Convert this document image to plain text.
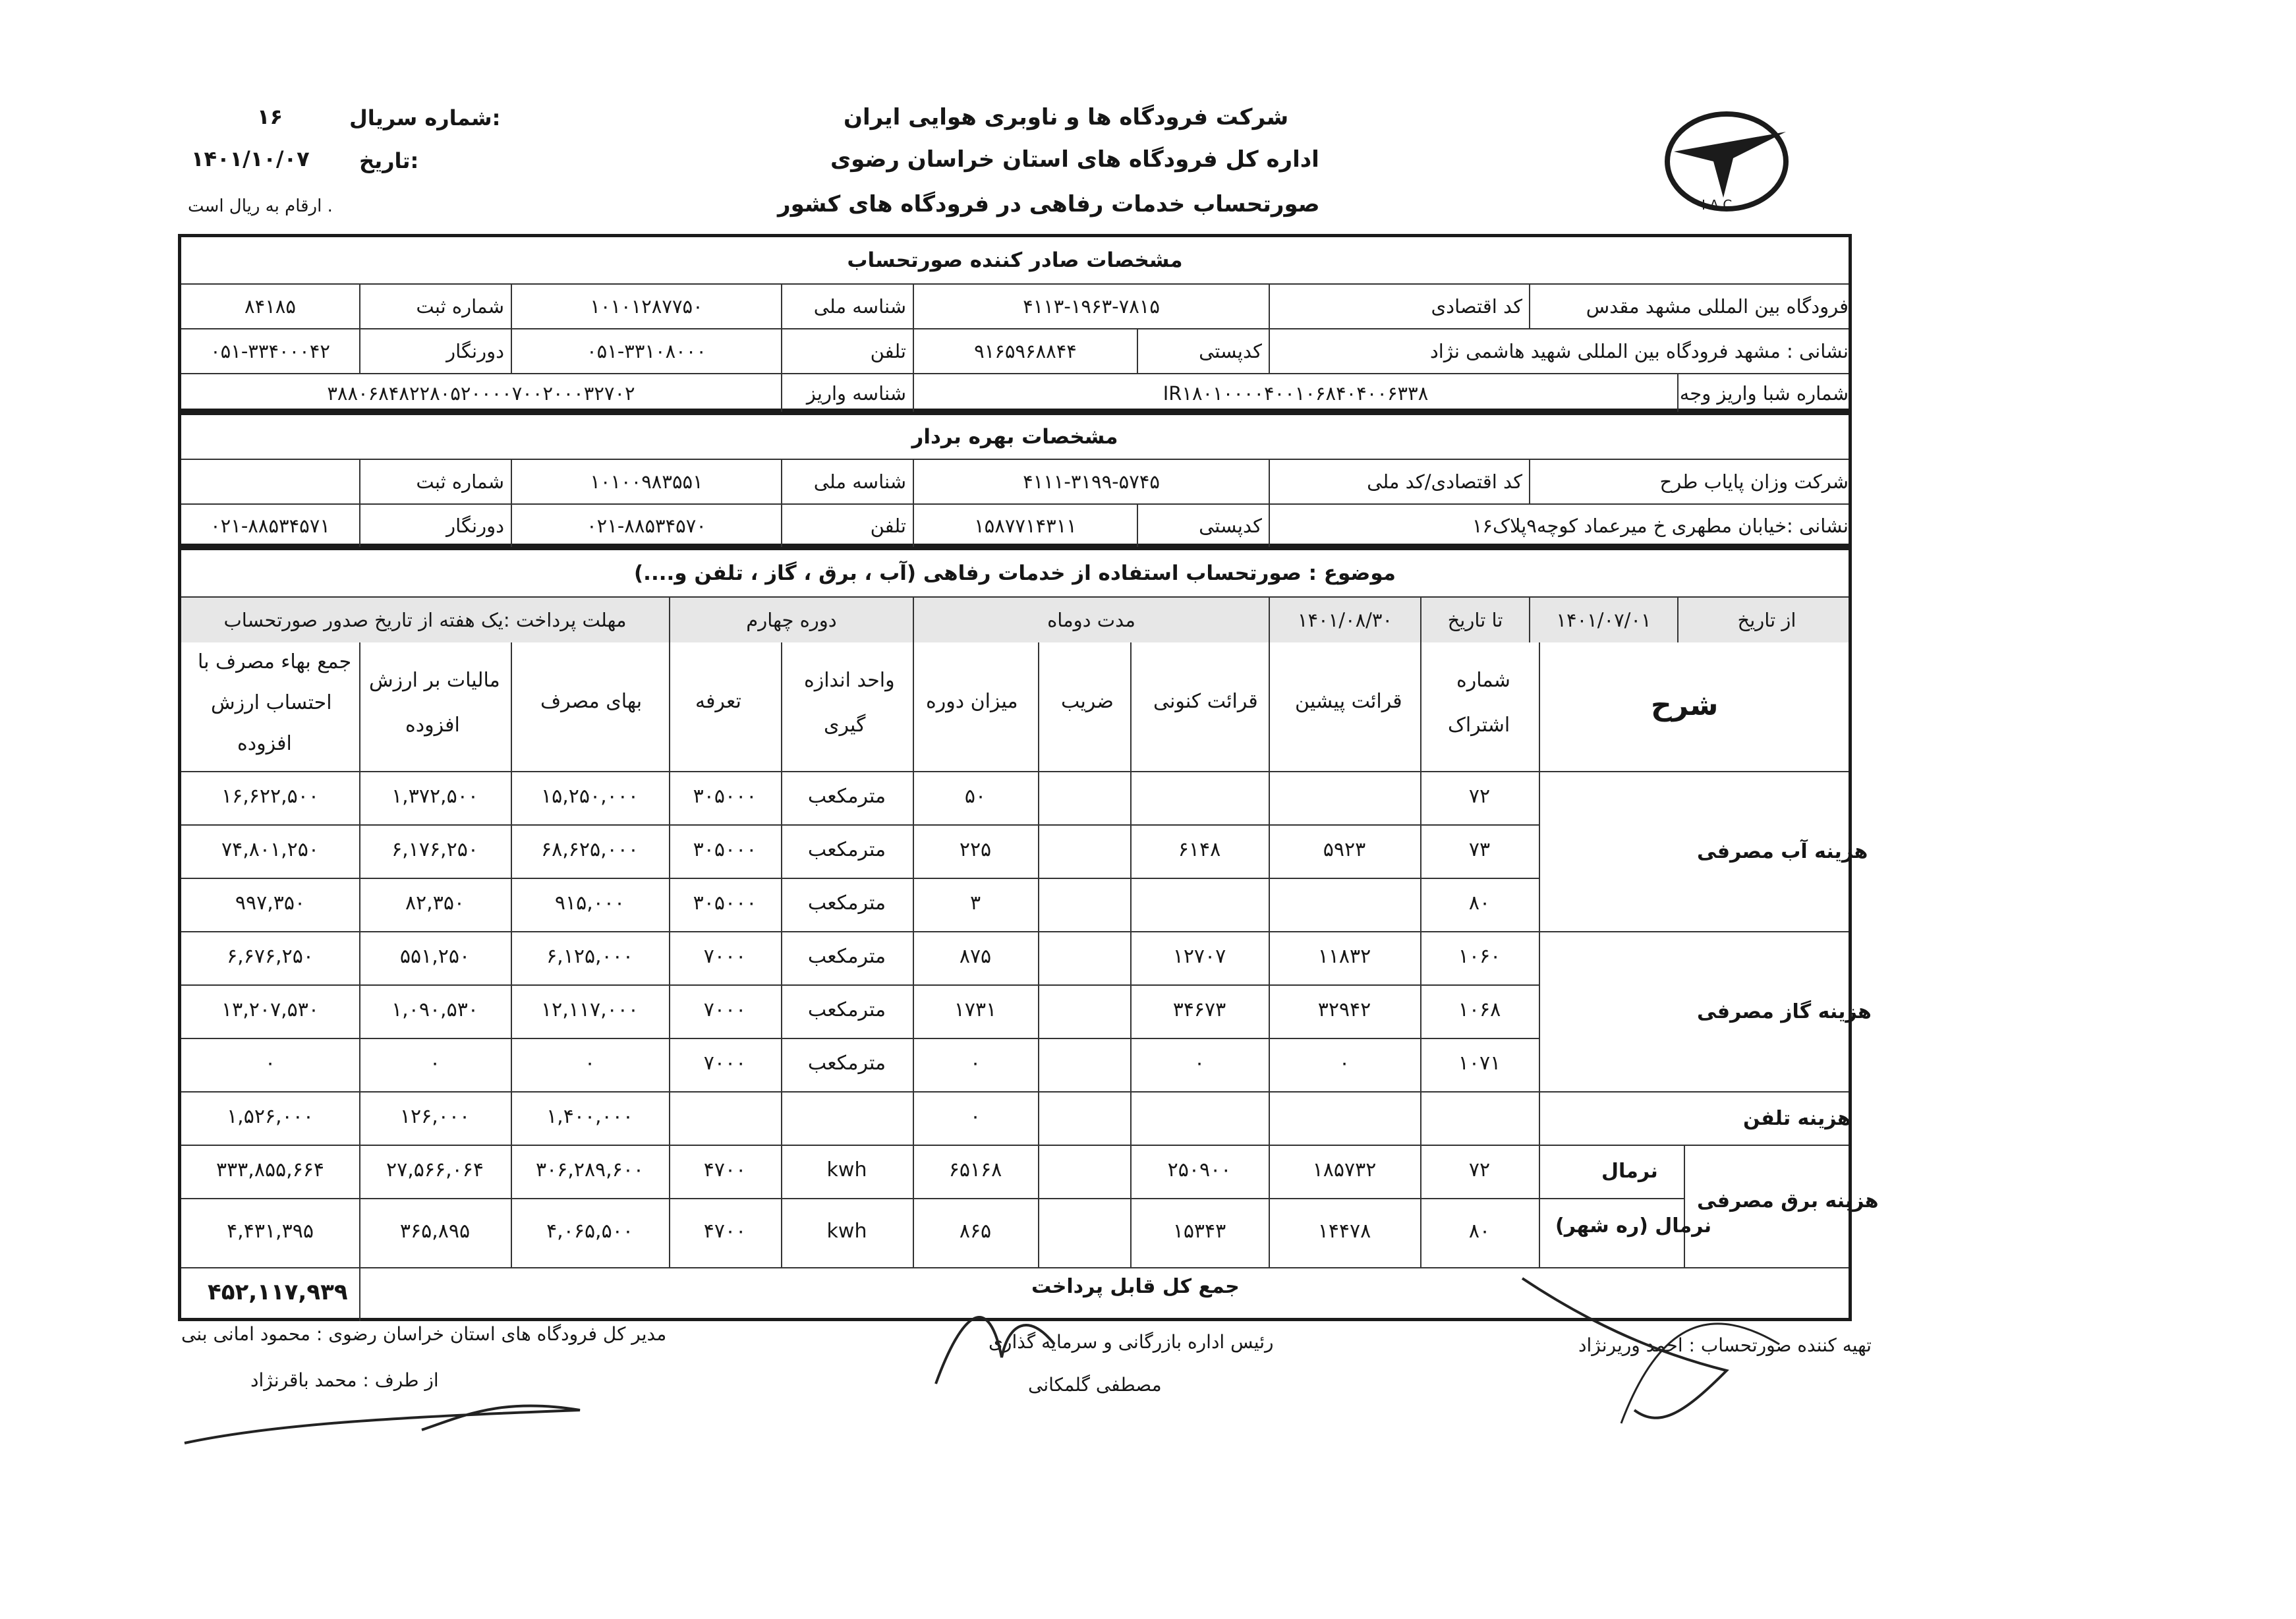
I A C
شرکت فرودگاه ها و ناوبری هوایی ایران
اداره کل فرودگاه های استان خراسان رضوی
صورتحساب خدمات رفاهی در فرودگاه های کشور
شماره سریال:
۱۶
تاریخ:
۱۴۰۱/۱۰/۰۷
ارقام به ریال است .
مشخصات صادر کننده صورتحساب
فرودگاه بین المللی مشهد مقدس
کد اقتصادی
۴۱۱۳-۱۹۶۳-۷۸۱۵
شناسه ملی
۱۰۱۰۱۲۸۷۷۵۰
شماره ثبت
۸۴۱۸۵
نشانی : مشهد فرودگاه بین المللی شهید هاشمی نژاد
کدپستی
۹۱۶۵۹۶۸۸۴۴
تلفن
۰۵۱-۳۳۱۰۸۰۰۰
دورنگار
۰۵۱-۳۳۴۰۰۰۴۲
شماره شبا واریز وجه
IR۱۸۰۱۰۰۰۰۴۰۰۱۰۶۸۴۰۴۰۰۶۳۳۸
شناسه واریز
۳۸۸۰۶۸۴۸۲۲۸۰۵۲۰۰۰۰۷۰۰۲۰۰۰۳۲۷۰۲
مشخصات بهره بردار
شرکت وزان پایاب طرح
کد اقتصادی/کد ملی
۴۱۱۱-۳۱۹۹-۵۷۴۵
شناسه ملی
۱۰۱۰۰۹۸۳۵۵۱
شماره ثبت
نشانی :خیابان مطهری خ میرعماد کوچه۹پلاک۱۶
کدپستی
۱۵۸۷۷۱۴۳۱۱
تلفن
۰۲۱-۸۸۵۳۴۵۷۰
دورنگار
۰۲۱-۸۸۵۳۴۵۷۱
موضوع : صورتحساب استفاده از خدمات رفاهی (آب ، برق ، گاز ، تلفن و....)
از تاریخ
۱۴۰۱/۰۷/۰۱
تا تاریخ
۱۴۰۱/۰۸/۳۰
مدت دوماه
دوره چهارم
مهلت پرداخت :یک هفته از تاریخ صدور صورتحساب
شرح
شماره
اشتراک
قرائت پیشین
قرائت کنونی
ضریب
میزان دوره
واحد اندازه
گیری
تعرفه
بهای مصرف
مالیات بر ارزش
افزوده
جمع بهاء مصرف با
احتساب ارزش
افزوده
هزینه آب مصرفی
هزینه گاز مصرفی
هزینه تلفن
هزینه برق مصرفی
نرمال
نرمال (ره شهر)
۷۲
۵۰
مترمکعب
۳۰۵۰۰۰
۱۵,۲۵۰,۰۰۰
۱,۳۷۲,۵۰۰
۱۶,۶۲۲,۵۰۰
۷۳
۵۹۲۳
۶۱۴۸
۲۲۵
مترمکعب
۳۰۵۰۰۰
۶۸,۶۲۵,۰۰۰
۶,۱۷۶,۲۵۰
۷۴,۸۰۱,۲۵۰
۸۰
۳
مترمکعب
۳۰۵۰۰۰
۹۱۵,۰۰۰
۸۲,۳۵۰
۹۹۷,۳۵۰
۱۰۶۰
۱۱۸۳۲
۱۲۷۰۷
۸۷۵
مترمکعب
۷۰۰۰
۶,۱۲۵,۰۰۰
۵۵۱,۲۵۰
۶,۶۷۶,۲۵۰
۱۰۶۸
۳۲۹۴۲
۳۴۶۷۳
۱۷۳۱
مترمکعب
۷۰۰۰
۱۲,۱۱۷,۰۰۰
۱,۰۹۰,۵۳۰
۱۳,۲۰۷,۵۳۰
۱۰۷۱
۰
۰
۰
مترمکعب
۷۰۰۰
۰
۰
۰
۰
۱,۴۰۰,۰۰۰
۱۲۶,۰۰۰
۱,۵۲۶,۰۰۰
۷۲
۱۸۵۷۳۲
۲۵۰۹۰۰
۶۵۱۶۸
kwh
۴۷۰۰
۳۰۶,۲۸۹,۶۰۰
۲۷,۵۶۶,۰۶۴
۳۳۳,۸۵۵,۶۶۴
۸۰
۱۴۴۷۸
۱۵۳۴۳
۸۶۵
kwh
۴۷۰۰
۴,۰۶۵,۵۰۰
۳۶۵,۸۹۵
۴,۴۳۱,۳۹۵
جمع کل قابل پرداخت
۴۵۲,۱۱۷,۹۳۹
تهیه کننده صورتحساب : احمد وریرنژاد
رئیس اداره بازرگانی و سرمایه گذاری
مصطفی گلمکانی
مدیر کل فرودگاه های استان خراسان رضوی : محمود امانی بنی
از طرف : محمد باقرنژاد
